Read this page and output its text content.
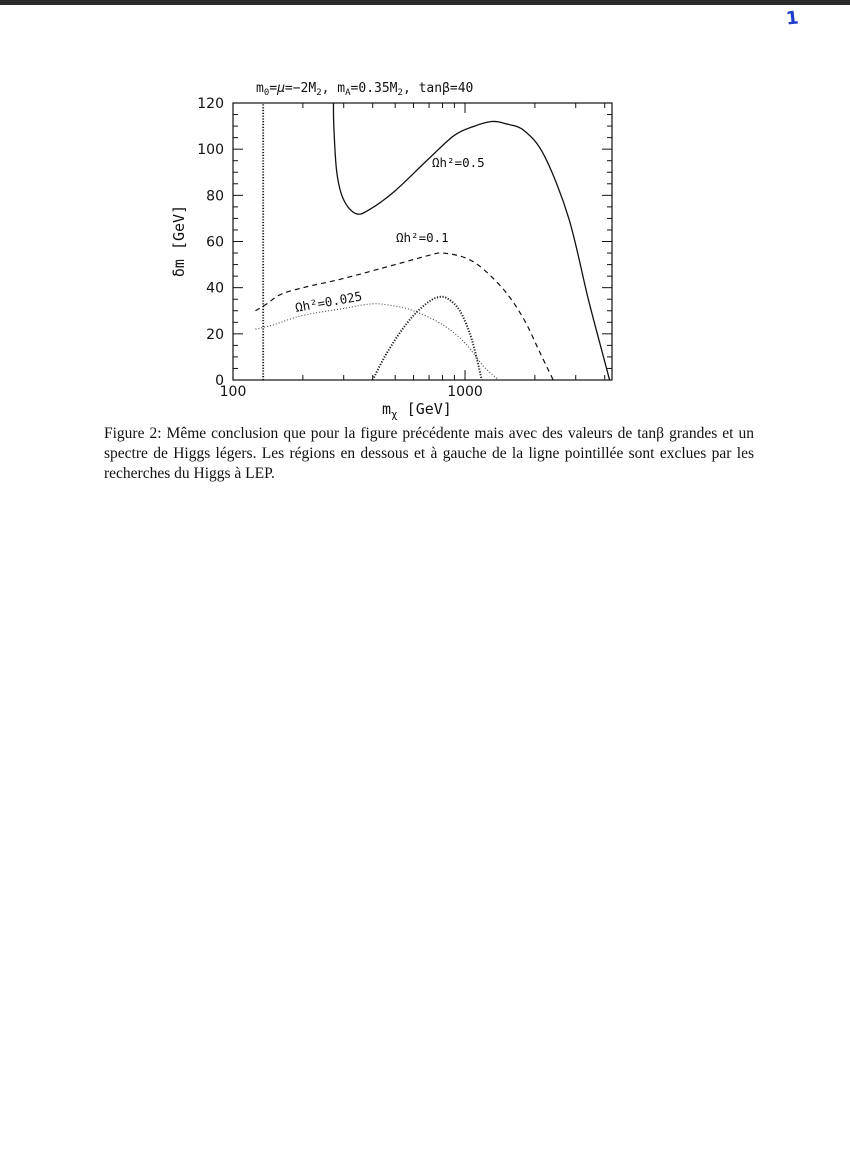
1
$m_0=\mu=-2M_2$, $m_A=0.35M_2$, tanβ=40
0
20
40
60
80
100
120
100	1000
Ωh²=0.5
Ωh²=0.1
Ωh²=0.025
δm [GeV]
$m_\chi$ [GeV]
Figure 2: Même conclusion que pour la figure précédente mais avec des valeurs de tanβ grandes et un spectre de Higgs légers. Les régions en dessous et à gauche de la ligne pointillée sont exclues par les recherches du Higgs à LEP.
